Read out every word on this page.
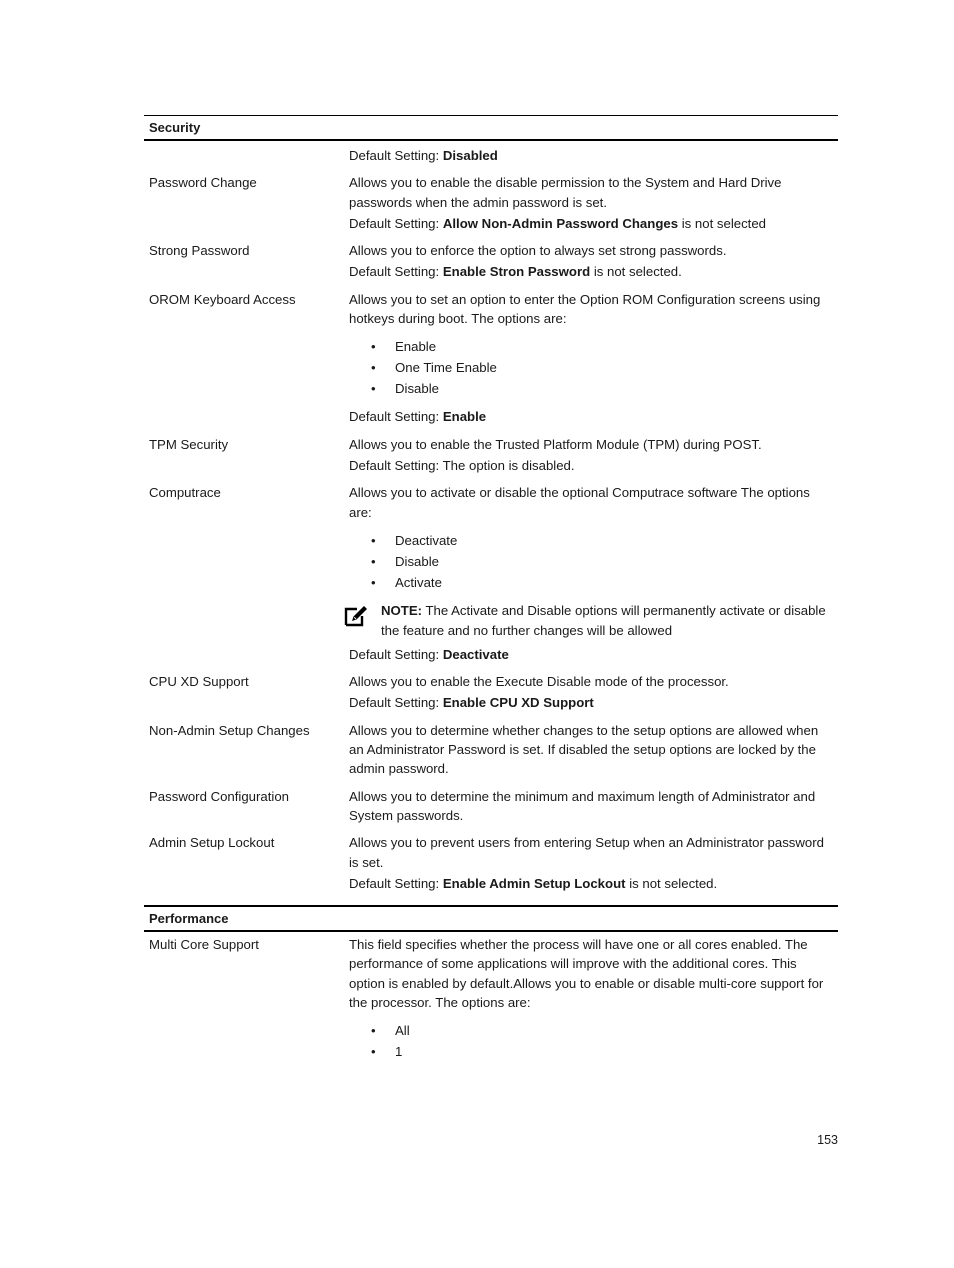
Security

Default Setting: Disabled

Password Change	Allows you to enable the disable permission to the System and Hard Drive passwords when the admin password is set.

Default Setting: Allow Non-Admin Password Changes is not selected

Strong Password	Allows you to enforce the option to always set strong passwords.

Default Setting: Enable Stron Password is not selected.

OROM Keyboard Access	Allows you to set an option to enter the Option ROM Configuration screens using hotkeys during boot. The options are:

• Enable
• One Time Enable
• Disable

Default Setting: Enable

TPM Security	Allows you to enable the Trusted Platform Module (TPM) during POST.

Default Setting: The option is disabled.

Computrace	Allows you to activate or disable the optional Computrace software The options are:

• Deactivate
• Disable
• Activate
NOTE: The Activate and Disable options will permanently activate or disable the feature and no further changes will be allowed

Default Setting: Deactivate

CPU XD Support	Allows you to enable the Execute Disable mode of the processor.

Default Setting: Enable CPU XD Support

Non-Admin Setup Changes	Allows you to determine whether changes to the setup options are allowed when an Administrator Password is set. If disabled the setup options are locked by the admin password.

Password Configuration	Allows you to determine the minimum and maximum length of Administrator and System passwords.

Admin Setup Lockout	Allows you to prevent users from entering Setup when an Administrator password is set.

Default Setting: Enable Admin Setup Lockout is not selected.

Performance
Multi Core Support	This field specifies whether the process will have one or all cores enabled. The performance of some applications will improve with the additional cores. This option is enabled by default.Allows you to enable or disable multi-core support for the processor. The options are:

• All
• 1
153
